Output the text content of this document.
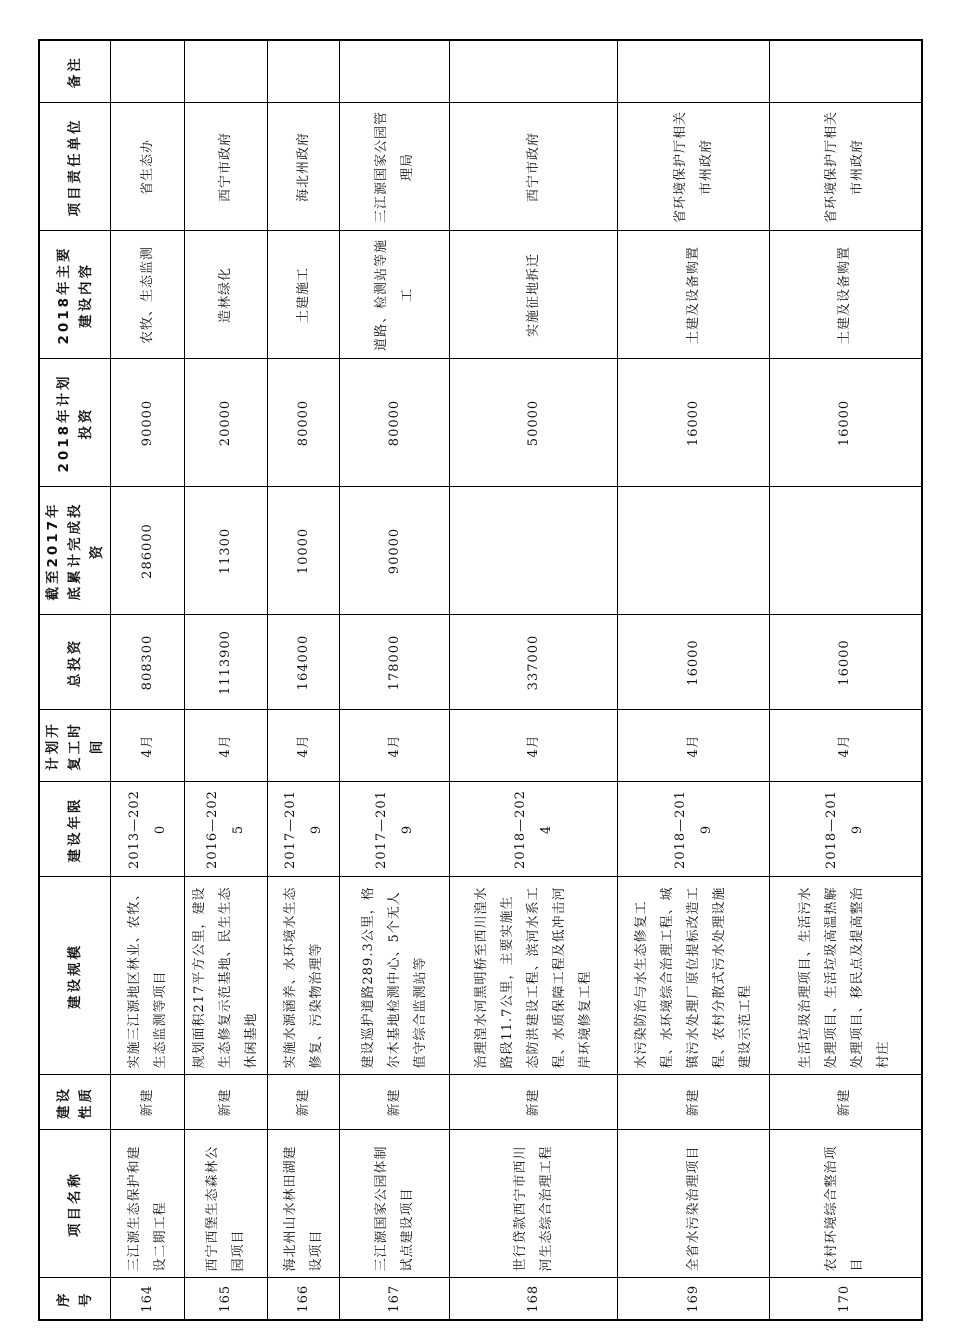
序号	项目名称	建设性质	建设规模	建设年限	计划开复工时间	总投资	截至2017年底累计完成投资	2018年计划投资	2018年主要建设内容	项目责任单位	备注
164	三江源生态保护和建设二期工程	新建	实施三江源地区林业、农牧、生态监测等项目	2013—2020	4月	808300	286000	90000	农牧、生态监测	省生态办	
165	西宁西堡生态森林公园项目	新建	规划面积217平方公里，建设生态修复示范基地、民生生态休闲基地	2016—2025	4月	1113900	11300	20000	造林绿化	西宁市政府	
166	海北州山水林田湖建设项目	新建	实施水源涵养、水环境水生态修复、污染物治理等	2017—2019	4月	164000	10000	80000	土建施工	海北州政府	
167	三江源国家公园体制试点建设项目	新建	建设巡护道路289.3公里，格尔木基地检测中心、5个无人值守综合监测站等	2017—2019	4月	178000	90000	80000	道路、检测站等施工	三江源国家公园管理局	
168	世行贷款西宁市西川河生态综合治理工程	新建	治理湟水河黑明桥至西川湟水路段11.7公里，主要实施生态防洪建设工程、滨河水系工程、水质保障工程及低冲击河岸环境修复工程	2018—2024	4月	337000		50000	实施征地拆迁	西宁市政府	
169	全省水污染治理项目	新建	水污染防治与水生态修复工程、水环境综合治理工程、城镇污水处理厂原位提标改造工程、农村分散式污水处理设施建设示范工程	2018—2019	4月	16000		16000	土建及设备购置	省环境保护厅相关市州政府	
170	农村环境综合整治项目	新建	生活垃圾治理项目、生活污水处理项目、生活垃圾高温热解处理项目、移民点及提高整治村庄	2018—2019	4月	16000		16000	土建及设备购置	省环境保护厅相关市州政府	
